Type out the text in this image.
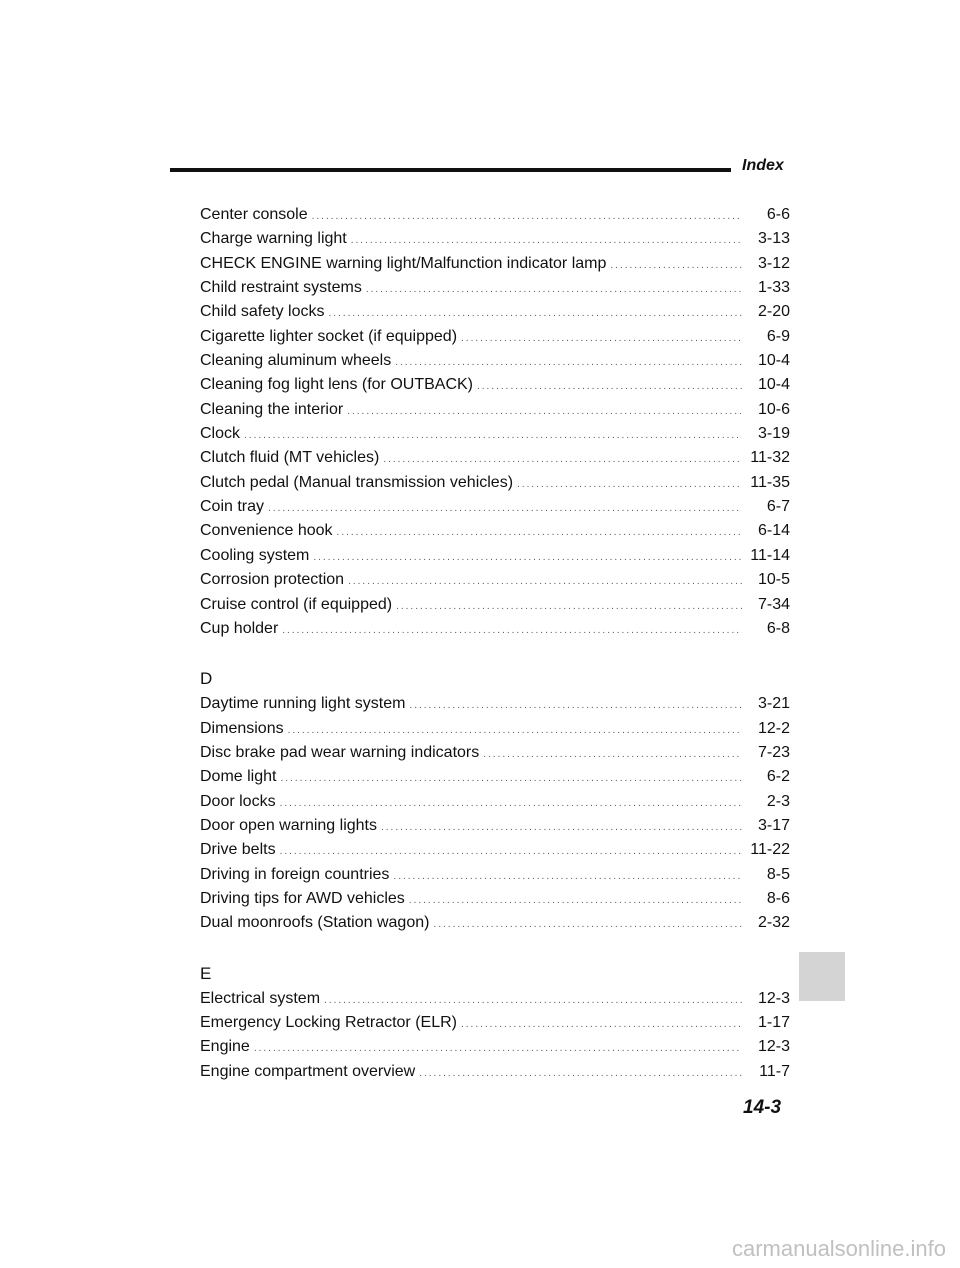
Index
Center console .....	6-6
Charge warning light .....	3-13
CHECK ENGINE warning light/Malfunction indicator lamp .....	3-12
Child restraint systems .....	1-33
Child safety locks .....	2-20
Cigarette lighter socket (if equipped) .....	6-9
Cleaning aluminum wheels .....	10-4
Cleaning fog light lens (for OUTBACK) .....	10-4
Cleaning the interior .....	10-6
Clock .....	3-19
Clutch fluid (MT vehicles) .....	11-32
Clutch pedal (Manual transmission vehicles) .....	11-35
Coin tray .....	6-7
Convenience hook .....	6-14
Cooling system .....	11-14
Corrosion protection .....	10-5
Cruise control (if equipped) .....	7-34
Cup holder .....	6-8
D
Daytime running light system .....	3-21
Dimensions .....	12-2
Disc brake pad wear warning indicators .....	7-23
Dome light .....	6-2
Door locks .....	2-3
Door open warning lights .....	3-17
Drive belts .....	11-22
Driving in foreign countries .....	8-5
Driving tips for AWD vehicles .....	8-6
Dual moonroofs (Station wagon) .....	2-32
E
Electrical system .....	12-3
Emergency Locking Retractor (ELR) .....	1-17
Engine .....	12-3
Engine compartment overview .....	11-7
14-3
carmanualsonline.info
